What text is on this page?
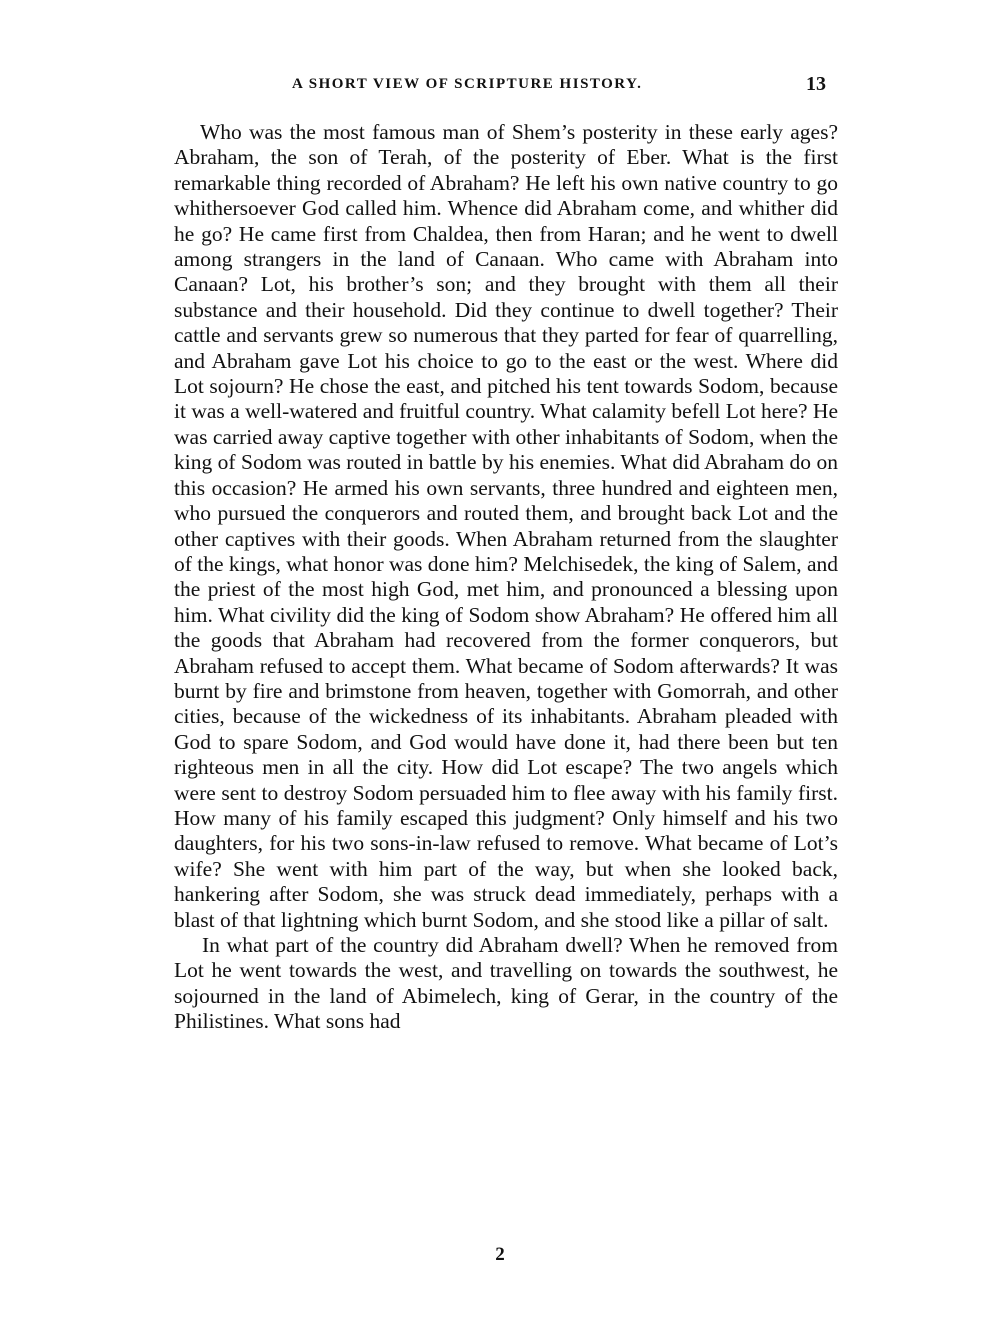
A SHORT VIEW OF SCRIPTURE HISTORY.	13

Who was the most famous man of Shem’s posterity in these early ages? Abraham, the son of Terah, of the posterity of Eber. What is the first remarkable thing recorded of Abraham? He left his own native country to go whithersoever God called him. Whence did Abraham come, and whither did he go? He came first from Chaldea, then from Haran; and he went to dwell among strangers in the land of Canaan. Who came with Abraham into Canaan? Lot, his brother’s son; and they brought with them all their substance and their household. Did they continue to dwell together? Their cattle and servants grew so numerous that they parted for fear of quarrelling, and Abraham gave Lot his choice to go to the east or the west. Where did Lot sojourn? He chose the east, and pitched his tent towards Sodom, because it was a well-watered and fruitful country. What calamity befell Lot here? He was carried away captive together with other inhabitants of Sodom, when the king of Sodom was routed in battle by his enemies. What did Abraham do on this occasion? He armed his own servants, three hundred and eighteen men, who pursued the conquerors and routed them, and brought back Lot and the other captives with their goods. When Abraham returned from the slaughter of the kings, what honor was done him? Melchisedek, the king of Salem, and the priest of the most high God, met him, and pronounced a blessing upon him. What civility did the king of Sodom show Abraham? He offered him all the goods that Abraham had recovered from the former conquerors, but Abraham refused to accept them. What became of Sodom afterwards? It was burnt by fire and brimstone from heaven, together with Gomorrah, and other cities, because of the wickedness of its inhabitants. Abraham pleaded with God to spare Sodom, and God would have done it, had there been but ten righteous men in all the city. How did Lot escape? The two angels which were sent to destroy Sodom persuaded him to flee away with his family first. How many of his family escaped this judgment? Only himself and his two daughters, for his two sons-in-law refused to remove. What became of Lot’s wife? She went with him part of the way, but when she looked back, hankering after Sodom, she was struck dead immediately, perhaps with a blast of that lightning which burnt Sodom, and she stood like a pillar of salt.

In what part of the country did Abraham dwell? When he removed from Lot he went towards the west, and travelling on towards the southwest, he sojourned in the land of Abimelech, king of Gerar, in the country of the Philistines. What sons had

2
